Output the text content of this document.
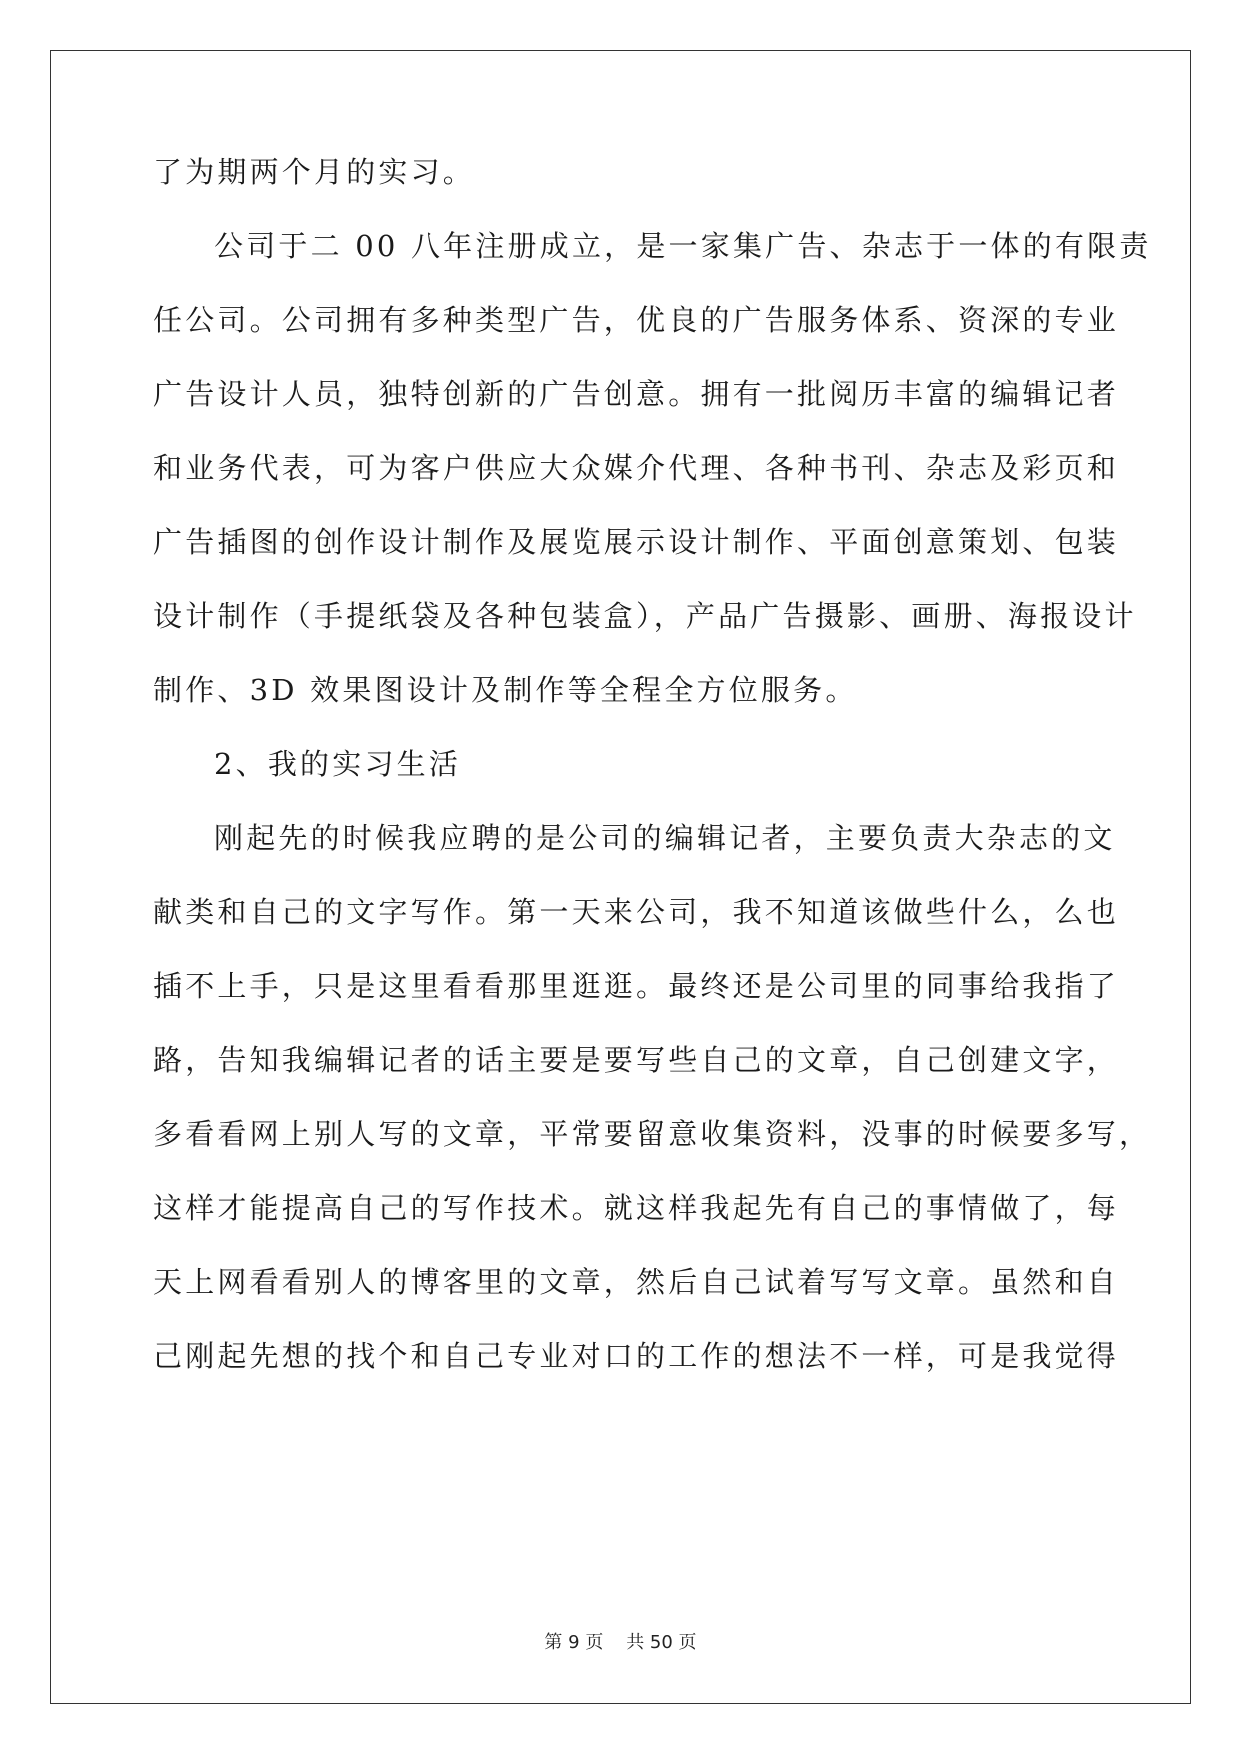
了为期两个月的实习。
公司于二 00 八年注册成立，是一家集广告、杂志于一体的有限责
任公司。公司拥有多种类型广告，优良的广告服务体系、资深的专业
广告设计人员，独特创新的广告创意。拥有一批阅历丰富的编辑记者
和业务代表，可为客户供应大众媒介代理、各种书刊、杂志及彩页和
广告插图的创作设计制作及展览展示设计制作、平面创意策划、包装
设计制作（手提纸袋及各种包装盒），产品广告摄影、画册、海报设计
制作、3D 效果图设计及制作等全程全方位服务。
2、我的实习生活
刚起先的时候我应聘的是公司的编辑记者，主要负责大杂志的文
献类和自己的文字写作。第一天来公司，我不知道该做些什么，么也
插不上手，只是这里看看那里逛逛。最终还是公司里的同事给我指了
路，告知我编辑记者的话主要是要写些自己的文章，自己创建文字，
多看看网上别人写的文章，平常要留意收集资料，没事的时候要多写，
这样才能提高自己的写作技术。就这样我起先有自己的事情做了，每
天上网看看别人的博客里的文章，然后自己试着写写文章。虽然和自
己刚起先想的找个和自己专业对口的工作的想法不一样，可是我觉得
第 9 页    共 50 页
